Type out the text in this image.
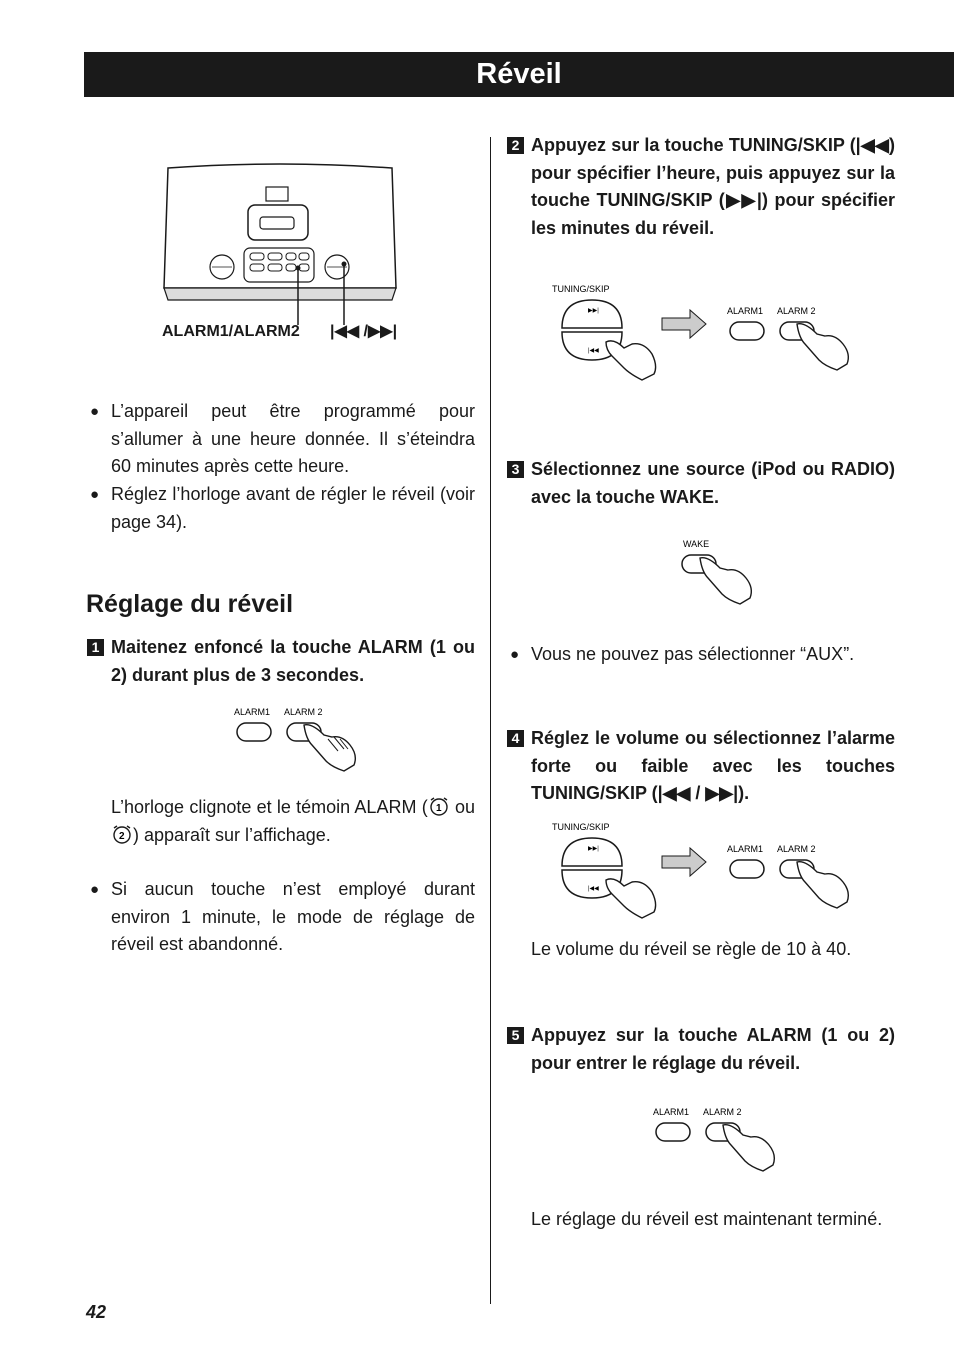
Réveil
ALARM1/ALARM2 |◀◀ /▶▶|
● L’appareil peut être programmé pour s’allumer à une heure donnée. Il s’éteindra 60 minutes après cette heure.
● Réglez l’horloge avant de régler le réveil (voir page 34).
Réglage du réveil
1 Maitenez enfoncé la touche ALARM (1 ou 2) durant plus de 3 secondes.
ALARM1 ALARM 2
L’horloge clignote et le témoin ALARM ( 1 ou
2 ) apparaît sur l’affichage.
● Si aucun touche n’est employé durant environ 1 minute, le mode de réglage de réveil est abandonné.
42
2 Appuyez sur la touche TUNING/SKIP (|◀◀) pour spécifier l’heure, puis appuyez sur la touche TUNING/SKIP (▶▶|) pour spécifier les minutes du réveil.
TUNING/SKIP
▶▶|
|◀◀
ALARM1 ALARM 2
3 Sélectionnez une source (iPod ou RADIO) avec la touche WAKE.
WAKE
● Vous ne pouvez pas sélectionner “AUX”.
4 Réglez le volume ou sélectionnez l’alarme forte ou faible avec les touches TUNING/SKIP (|◀◀ / ▶▶|).
TUNING/SKIP
▶▶|
|◀◀
ALARM1 ALARM 2
Le volume du réveil se règle de 10 à 40.
5 Appuyez sur la touche ALARM (1 ou 2) pour entrer le réglage du réveil.
ALARM1 ALARM 2
Le réglage du réveil est maintenant terminé.
